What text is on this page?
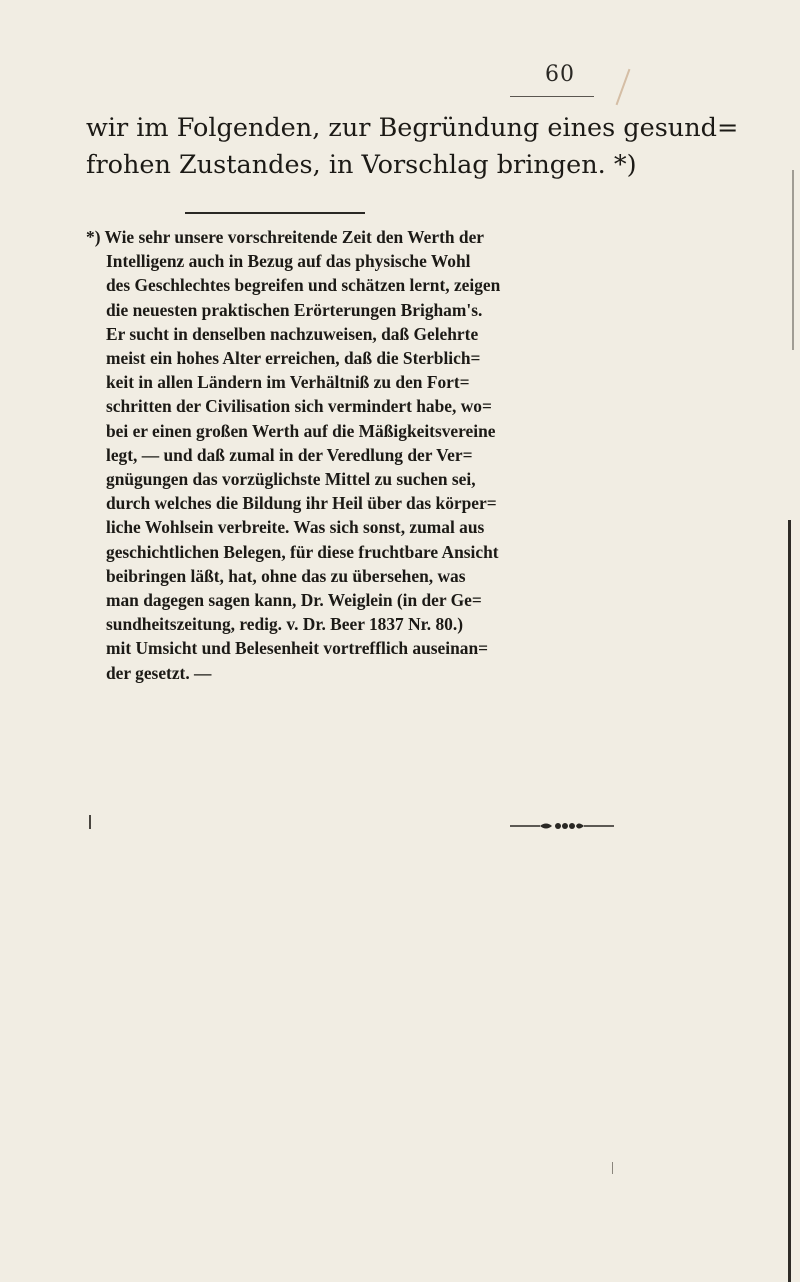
60
wir im Folgenden, zur Begründung eines gesund=
frohen Zustandes, in Vorschlag bringen. *)
*) Wie sehr unsere vorschreitende Zeit den Werth der
Intelligenz auch in Bezug auf das physische Wohl
des Geschlechtes begreifen und schätzen lernt, zeigen
die neuesten praktischen Erörterungen Brigham's.
Er sucht in denselben nachzuweisen, daß Gelehrte
meist ein hohes Alter erreichen, daß die Sterblich=
keit in allen Ländern im Verhältniß zu den Fort=
schritten der Civilisation sich vermindert habe, wo=
bei er einen großen Werth auf die Mäßigkeitsvereine
legt, — und daß zumal in der Veredlung der Ver=
gnügungen das vorzüglichste Mittel zu suchen sei,
durch welches die Bildung ihr Heil über das körper=
liche Wohlsein verbreite. Was sich sonst, zumal aus
geschichtlichen Belegen, für diese fruchtbare Ansicht
beibringen läßt, hat, ohne das zu übersehen, was
man dagegen sagen kann, Dr. Weiglein (in der Ge=
sundheitszeitung, redig. v. Dr. Beer 1837 Nr. 80.)
mit Umsicht und Belesenheit vortrefflich auseinan=
der gesetzt. —
